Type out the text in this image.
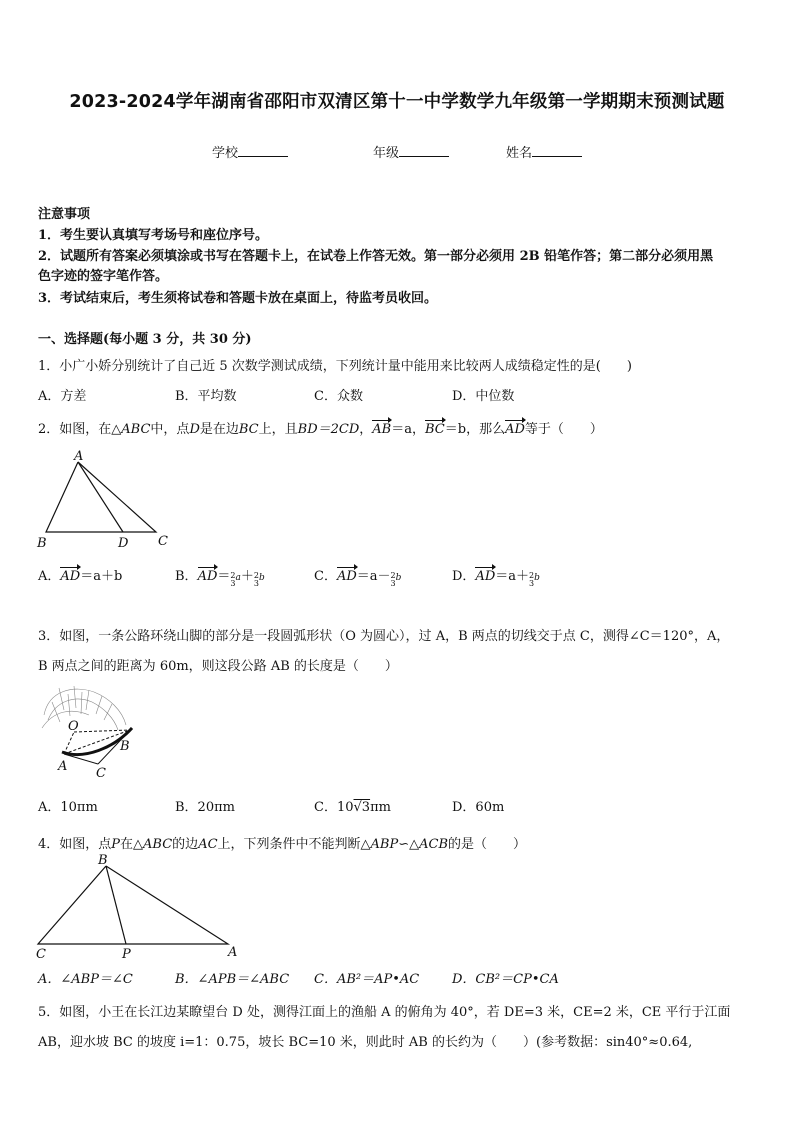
2023-2024学年湖南省邵阳市双清区第十一中学数学九年级第一学期期末预测试题
学校	年级	姓名
注意事项
1．考生要认真填写考场号和座位序号。
2．试题所有答案必须填涂或书写在答题卡上，在试卷上作答无效。第一部分必须用 2B 铅笔作答；第二部分必须用黑
色字迹的签字笔作答。
3．考试结束后，考生须将试卷和答题卡放在桌面上，待监考员收回。
一、选择题(每小题 3 分，共 30 分)
1．小广小娇分别统计了自己近 5 次数学测试成绩，下列统计量中能用来比较两人成绩稳定性的是(　　)
A．方差	B．平均数	C．众数	D．中位数
2．如图，在△ABC中，点D是在边BC上，且BD＝2CD，AB＝a，BC＝b，那么AD等于（　　）
A
B	D C
A．AD＝a＋b	B．AD＝ 2
3
a＋ 2
3
b	C．AD＝a－ 2
3
b	D．AD＝a＋ 2
3
b
3．如图，一条公路环绕山脚的部分是一段圆弧形状（O 为圆心），过 A，B 两点的切线交于点 C，测得∠C＝120°，A，
B 两点之间的距离为 60m，则这段公路 AB 的长度是（　　）
O
B
A C
A．10πm	B．20πm	C．10√3πm	D．60m
4．如图，点P在△ABC的边AC上，下列条件中不能判断△ABP∽△ACB的是（　　）
B
C	P	A
A．∠ABP＝∠C	B．∠APB＝∠ABC C．AB²＝AP•AC	D．CB²＝CP•CA
5．如图，小王在长江边某瞭望台 D 处，测得江面上的渔船 A 的俯角为 40°，若 DE=3 米，CE=2 米，CE 平行于江面
AB，迎水坡 BC 的坡度 i=1：0.75，坡长 BC=10 米，则此时 AB 的长约为（　　）(参考数据：sin40°≈0.64,
